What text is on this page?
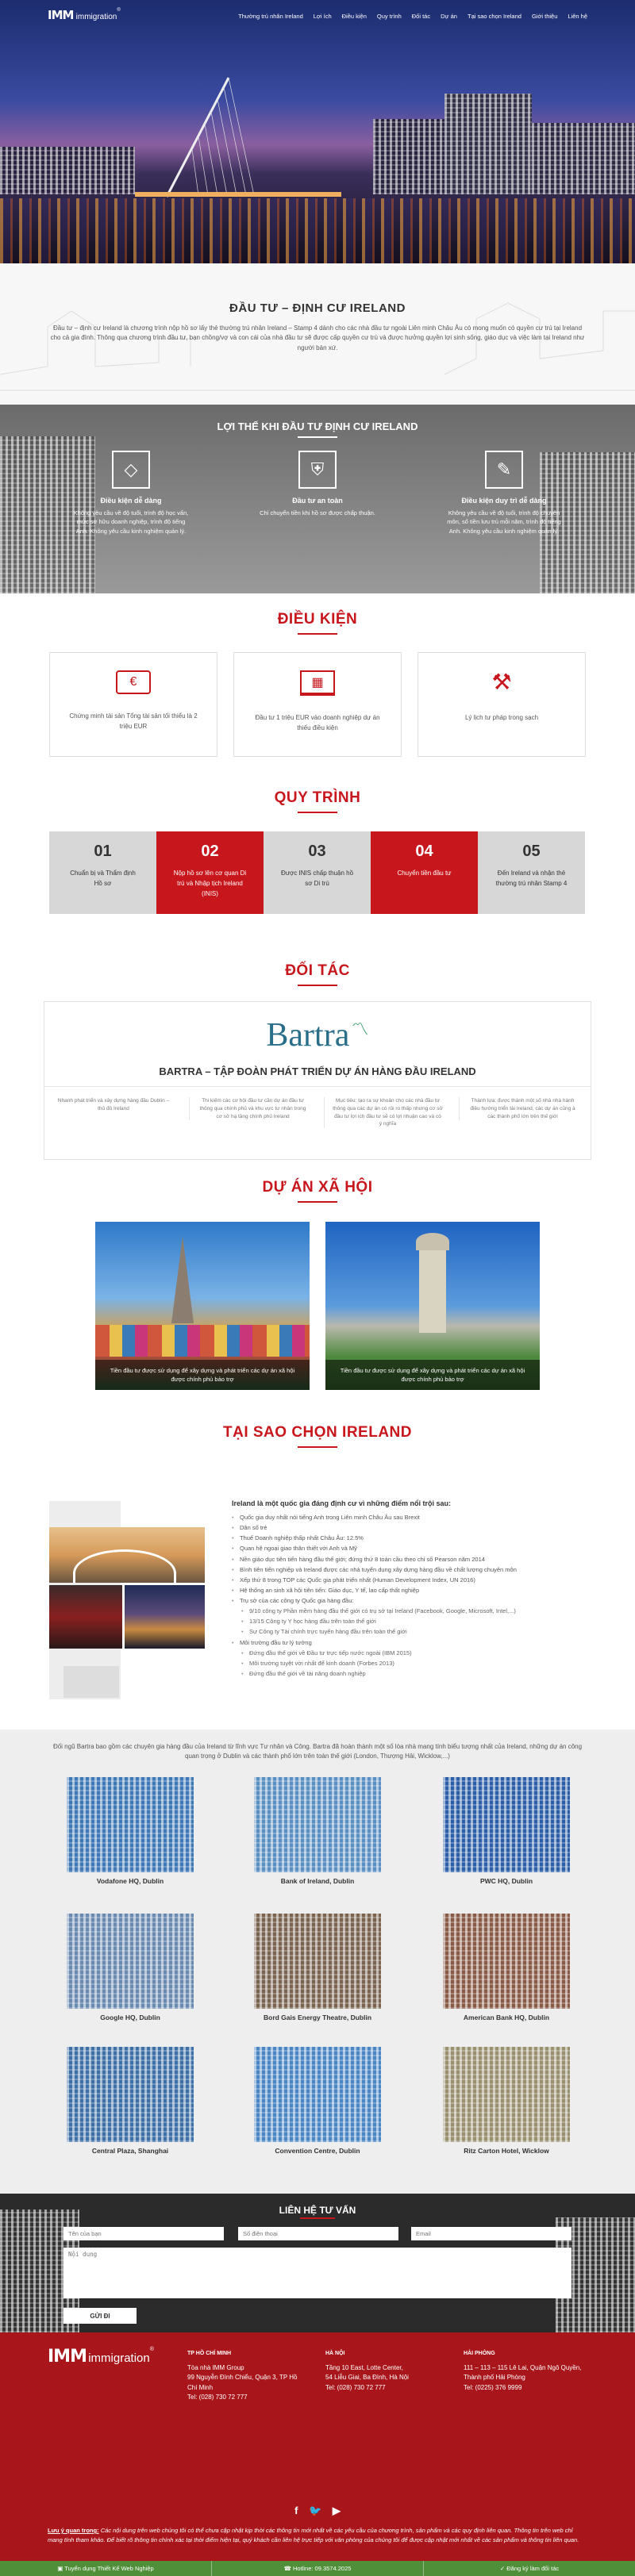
IMM immigration®
Thường trú nhân Ireland Lợi ích Điều kiện Quy trình Đối tác Dự án Tại sao chọn Ireland Giới thiệu Liên hệ
ĐẦU TƯ – ĐỊNH CƯ IRELAND
Đầu tư – định cư Ireland là chương trình nộp hồ sơ lấy thẻ thường trú nhân Ireland – Stamp 4 dành cho các nhà đầu tư ngoài Liên minh Châu Âu có mong muốn có quyền cư trú tại Ireland cho cả gia đình. Thông qua chương trình đầu tư, bạn chồng/vợ và con cái của nhà đầu tư sẽ được cấp quyền cư trú và được hưởng quyền lợi sinh sống, giáo dục và việc làm tại Ireland như người bản xứ.
LỢI THẾ KHI ĐẦU TƯ ĐỊNH CƯ IRELAND
◇
Điều kiện dễ dàng
Không yêu cầu về độ tuổi, trình độ học vấn, mức sở hữu doanh nghiệp, trình độ tiếng Anh. Không yêu cầu kinh nghiệm quản lý.
⛨
Đầu tư an toàn
Chỉ chuyển tiền khi hồ sơ được chấp thuận.
✎
Điều kiện duy trì dễ dàng
Không yêu cầu về độ tuổi, trình độ chuyên môn, số tiền lưu trú mỗi năm, trình độ tiếng Anh. Không yêu cầu kinh nghiệm quản lý.
ĐIỀU KIỆN
€
Chứng minh tài sản Tổng tài sản tối thiểu là 2 triệu EUR
▦
Đầu tư 1 triệu EUR vào doanh nghiệp dự án thiếu điều kiện
⚒
Lý lịch tư pháp trong sạch
QUY TRÌNH
01
Chuẩn bị và Thẩm định Hồ sơ
02
Nộp hồ sơ lên cơ quan Di trú và Nhập tịch Ireland (INIS)
03
Được INIS chấp thuận hồ sơ Di trú
04
Chuyển tiền đầu tư
05
Đến Ireland và nhận thẻ thường trú nhân Stamp 4
ĐỐI TÁC
Bartra 〽
BARTRA – TẬP ĐOÀN PHÁT TRIỂN DỰ ÁN HÀNG ĐẦU IRELAND
Nhanh phát triển và xây dựng hàng đầu Dublin – thủ đô Ireland
Thi kiếm các cơ hội đầu tư cần dự án đầu tư thông qua chính phủ và khu vực tư nhân trong cơ sở hạ tầng chính phủ Ireland
Mục tiêu: tạo ra sự khoản cho các nhà đầu tư thông qua các dự án có rủi ro thấp nhưng cơ sở đầu tư lợi ích đầu tư sẽ có lợi nhuận cao và có ý nghĩa
Thành lựa: được thành một số nhà nhà hành điều hướng triển tài Ireland, các dự án cũng à các thành phố lớn trên thế giới
DỰ ÁN XÃ HỘI
Tiền đầu tư được sử dụng để xây dựng và phát triển các dự án xã hội được chính phủ bảo trợ
Tiền đầu tư được sử dụng để xây dựng và phát triển các dự án xã hội được chính phủ bảo trợ
TẠI SAO CHỌN IRELAND
Ireland là một quốc gia đáng định cư vì những điểm nổi trội sau:
• Quốc gia duy nhất nói tiếng Anh trong Liên minh Châu Âu sau Brexit
• Dân số trẻ
• Thuế Doanh nghiệp thấp nhất Châu Âu: 12.5%
• Quan hệ ngoại giao thân thiết với Anh và Mỹ
• Nền giáo dục tiên tiến hàng đầu thế giới; đứng thứ 8 toàn cầu theo chỉ số Pearson năm 2014
• Bình tiên tiến nghiệp và Ireland được các nhà tuyển dụng xây dựng hàng đầu về chất lượng chuyên môn
• Xếp thứ 8 trong TOP các Quốc gia phát triển nhất (Human Development Index, UN 2016)
• Hệ thống an sinh xã hội tiên tiến: Giáo dục, Y tế, lao cấp thất nghiệp
• Trụ sở của các công ty Quốc gia hàng đầu:
• 9/10 công ty Phần mềm hàng đầu thế giới có trụ sở tại Ireland (Facebook, Google, Microsoft, Intel,...)
• 13/15 Công ty Y học hàng đầu trên toàn thế giới
• Sự Công ty Tài chính trực tuyến hàng đầu trên toàn thế giới
• Môi trường đầu tư lý tưởng
• Đứng đầu thế giới về Đầu tư trực tiếp nước ngoài (IBM 2015)
• Môi trường tuyệt vời nhất để kinh doanh (Forbes 2013)
• Đứng đầu thế giới về tài năng doanh nghiệp
Đối ngũ Bartra bao gồm các chuyên gia hàng đầu của Ireland từ lĩnh vực Tư nhân và Công. Bartra đã hoàn thành một số lòa nhà mang tính biểu tượng nhất của Ireland, những dự án công quan trọng ở Dublin và các thành phố lớn trên toàn thế giới (London, Thượng Hải, Wicklow,...)
Vodafone HQ, Dublin	Bank of Ireland, Dublin	PWC HQ, Dublin
Google HQ, Dublin	Bord Gais Energy Theatre, Dublin	American Bank HQ, Dublin
Central Plaza, Shanghai	Convention Centre, Dublin	Ritz Carton Hotel, Wicklow
LIÊN HỆ TƯ VẤN
Tên của bạn
Số điện thoại
Email
Nội dung
GỬI ĐI
IMM immigration®
TP HỒ CHÍ MINH
Tòa nhà IMM Group
99 Nguyễn Đình Chiểu, Quận 3, TP Hồ Chí Minh
Tel: (028) 730 72 777
HÀ NỘI
Tầng 10 East, Lotte Center,
54 Liễu Giai, Ba Đình, Hà Nội
Tel: (028) 730 72 777
HẢI PHÒNG
111 – 113 – 115 Lê Lai, Quận Ngô Quyền,
Thành phố Hải Phòng
Tel: (0225) 376 9999
f 🐦 ▶
Lưu ý quan trọng: Các nội dung trên web chúng tôi có thể chưa cập nhật kịp thời các thông tin mới nhất về các yêu cầu của chương trình, sản phẩm và các quy định liên quan. Thông tin trên web chỉ mang tính tham khảo. Để biết rõ thông tin chính xác tại thời điểm hiện tại, quý khách cần liên hệ trực tiếp với văn phòng của chúng tôi để được cập nhật mới nhất về các sản phẩm và thông tin liên quan.
▣ Tuyển dụng Thiết Kế Web Nghiệp	☎ Hotline: 09.3574.2025	✓ Đăng ký làm đối tác
